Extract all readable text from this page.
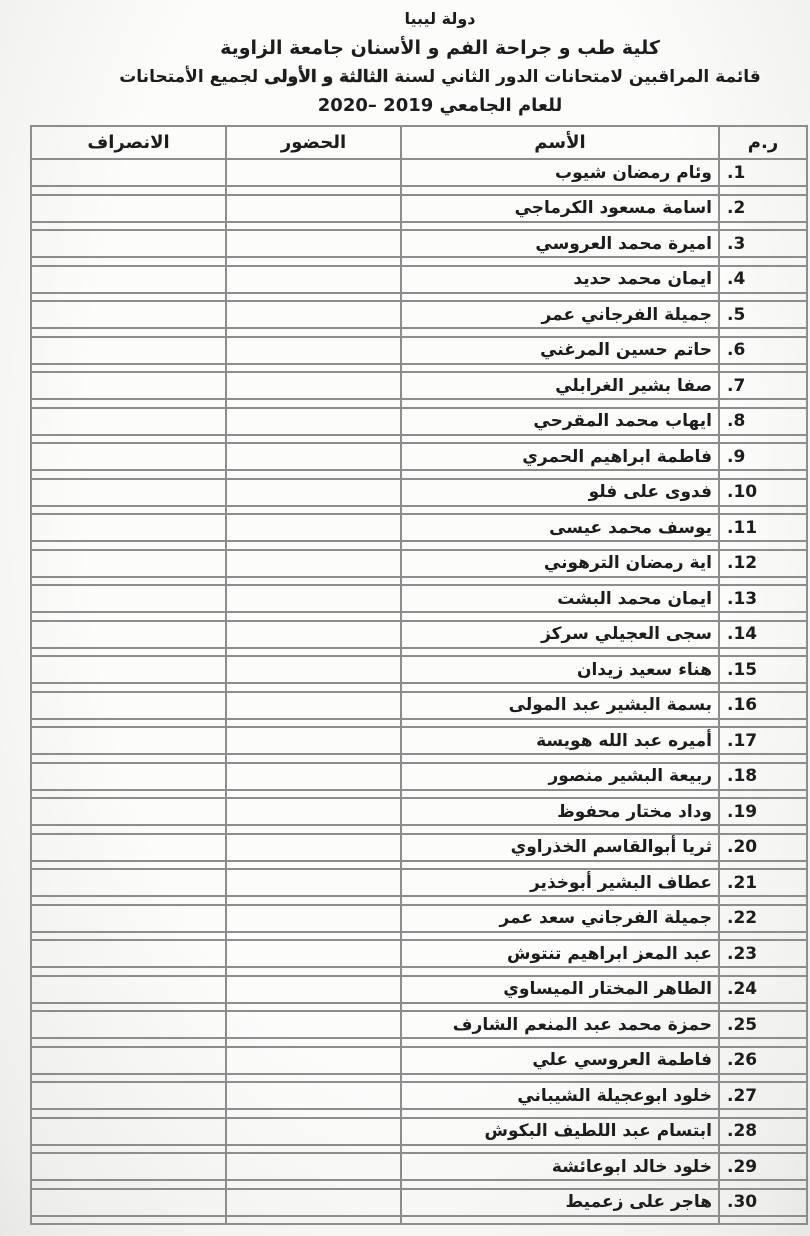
دولة ليبيا
كلية طب و جراحة الفم و الأسنان جامعة الزاوية
قائمة المراقبين لامتحانات الدور الثاني لسنة الثالثة و الأولى لجميع الأمتحانات
للعام الجامعي 2019 –2020
ر.م	الأسم	الحضور	الانصراف
1.	وئام رمضان شيوب		

2.	اسامة مسعود الكرماجي		

3.	اميرة محمد العروسي		

4.	ايمان محمد حديد		

5.	جميلة الفرجاني عمر		

6.	حاتم حسين المرغني		

7.	صفا بشير الغرابلي		

8.	ايهاب محمد المقرحي		

9.	فاطمة ابراهيم الحمري		

10.	فدوى على فلو		

11.	يوسف محمد عيسى		

12.	اية رمضان الترهوني		

13.	ايمان محمد البشت		

14.	سجى العجيلي سركز		

15.	هناء سعيد زيدان		

16.	بسمة البشير عبد المولى		

17.	أميره عبد الله هويسة		

18.	ربيعة البشير منصور		

19.	وداد مختار محفوظ		

20.	ثريا أبوالقاسم الخذراوي		

21.	عطاف البشير أبوخذير		

22.	جميلة الفرجاني سعد عمر		

23.	عبد المعز ابراهيم تنتوش		

24.	الطاهر المختار الميساوي		

25.	حمزة محمد عبد المنعم الشارف		

26.	فاطمة العروسي علي		

27.	خلود ابوعجيلة الشيباني		

28.	ابتسام عبد اللطيف البكوش		

29.	خلود خالد ابوعائشة		

30.	هاجر على زعميط		
